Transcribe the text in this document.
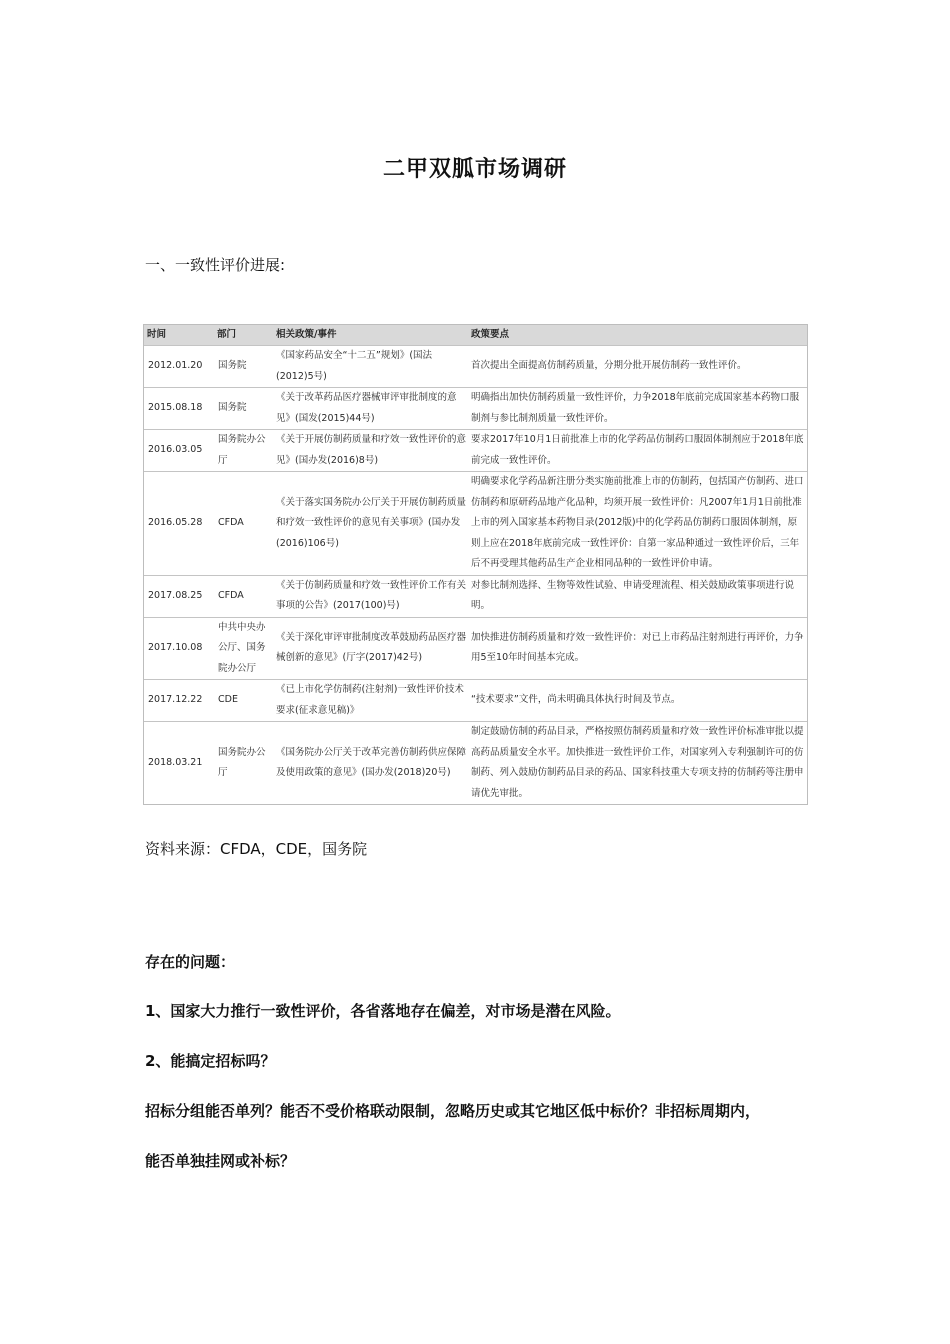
二甲双胍市场调研
一、一致性评价进展:
时间	部门	相关政策/事件	政策要点
2012.01.20	国务院	《国家药品安全“十二五”规划》(国法(2012)5号)	首次提出全面提高仿制药质量，分期分批开展仿制药一致性评价。
2015.08.18	国务院	《关于改革药品医疗器械审评审批制度的意见》(国发(2015)44号)	明确指出加快仿制药质量一致性评价，力争2018年底前完成国家基本药物口服制剂与参比制剂质量一致性评价。
2016.03.05	国务院办公厅	《关于开展仿制药质量和疗效一致性评价的意见》(国办发(2016)8号)	要求2017年10月1日前批准上市的化学药品仿制药口服固体制剂应于2018年底前完成一致性评价。
2016.05.28	CFDA	《关于落实国务院办公厅关于开展仿制药质量和疗效一致性评价的意见有关事项》(国办发(2016)106号)	明确要求化学药品新注册分类实施前批准上市的仿制药，包括国产仿制药、进口仿制药和原研药品地产化品种，均须开展一致性评价：凡2007年1月1日前批准上市的列入国家基本药物目录(2012版)中的化学药品仿制药口服固体制剂，原则上应在2018年底前完成一致性评价：自第一家品种通过一致性评价后，三年后不再受理其他药品生产企业相同品种的一致性评价申请。
2017.08.25	CFDA	《关于仿制药质量和疗效一致性评价工作有关事项的公告》(2017(100)号)	对参比制剂选择、生物等效性试验、申请受理流程、相关鼓励政策事项进行说明。
2017.10.08	中共中央办公厅、国务院办公厅	《关于深化审评审批制度改革鼓励药品医疗器械创新的意见》(厅字(2017)42号)	加快推进仿制药质量和疗效一致性评价：对已上市药品注射剂进行再评价，力争用5至10年时间基本完成。
2017.12.22	CDE	《已上市化学仿制药(注射剂)一致性评价技术要求(征求意见稿)》	“技术要求”文件，尚未明确具体执行时间及节点。
2018.03.21	国务院办公厅	《国务院办公厅关于改革完善仿制药供应保障及使用政策的意见》(国办发(2018)20号)	制定鼓励仿制的药品目录，严格按照仿制药质量和疗效一致性评价标准审批以提高药品质量安全水平。加快推进一致性评价工作，对国家列入专利强制许可的仿制药、列入鼓励仿制药品目录的药品、国家科技重大专项支持的仿制药等注册申请优先审批。
资料来源：CFDA，CDE，国务院
存在的问题：
1、国家大力推行一致性评价，各省落地存在偏差，对市场是潜在风险。
2、能搞定招标吗？
招标分组能否单列？能否不受价格联动限制，忽略历史或其它地区低中标价？非招标周期内，
能否单独挂网或补标？
